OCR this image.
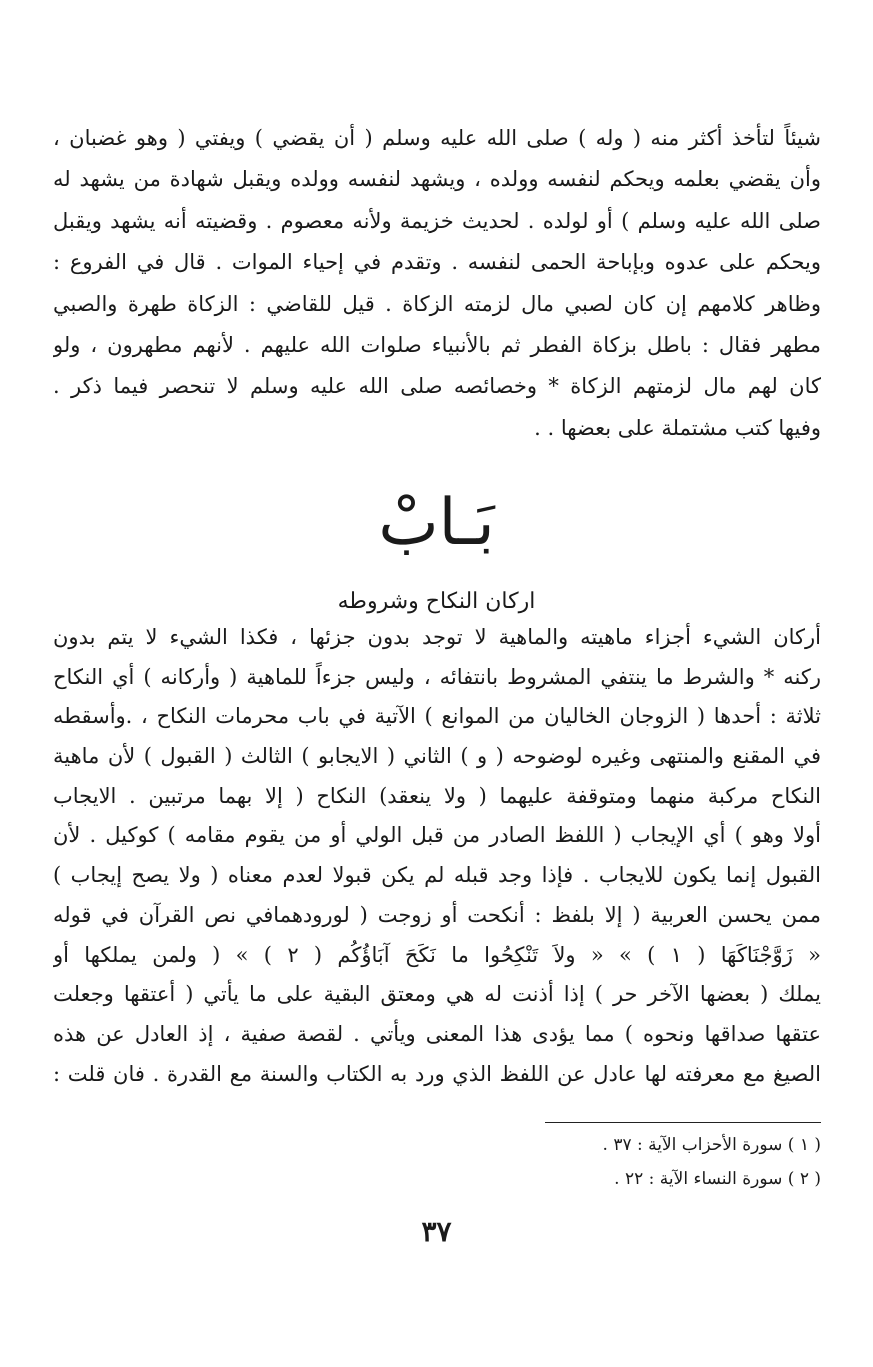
شيئاً لتأخذ أكثر منه ( وله ) صلى الله عليه وسلم ( أن يقضي ) ويفتي ( وهو غضبان ،
وأن يقضي بعلمه ويحكم لنفسه وولده ، ويشهد لنفسه وولده ويقبل شهادة من يشهد له
صلى الله عليه وسلم ) أو لولده . لحديث خزيمة ولأنه معصوم . وقضيته أنه يشهد ويقبل
ويحكم على عدوه وبإباحة الحمى لنفسه . وتقدم في إحياء الموات . قال في الفروع :
وظاهر كلامهم إن كان لصبي مال لزمته الزكاة . قيل للقاضي : الزكاة طهرة والصبي
مطهر فقال : باطل بزكاة الفطر ثم بالأنبياء صلوات الله عليهم . لأنهم مطهرون ، ولو
كان لهم مال لزمتهم الزكاة * وخصائصه صلى الله عليه وسلم لا تنحصر فيما ذكر .
وفيها كتب مشتملة على بعضها . .
بَـابْ
اركان النكاح وشروطه
أركان الشيء أجزاء ماهيته والماهية لا توجد بدون جزئها ، فكذا الشيء لا يتم بدون
ركنه * والشرط ما ينتفي المشروط بانتفائه ، وليس جزءاً للماهية ( وأركانه ) أي النكاح
ثلاثة : أحدها ( الزوجان الخاليان من الموانع ) الآتية في باب محرمات النكاح ، .وأسقطه
في المقنع والمنتهى وغيره لوضوحه ( و ) الثاني ( الايجابو ) الثالث ( القبول ) لأن ماهية
النكاح مركبة منهما ومتوقفة عليهما ( ولا ينعقد) النكاح ( إلا بهما مرتبين . الايجاب
أولا وهو ) أي الإيجاب ( اللفظ الصادر من قبل الولي أو من يقوم مقامه ) كوكيل . لأن
القبول إنما يكون للايجاب . فإذا وجد قبله لم يكن قبولا لعدم معناه ( ولا يصح إيجاب )
ممن يحسن العربية ( إلا بلفظ : أنكحت أو زوجت ( لورودهمافي نص القرآن في قوله
« زَوَّجْنَاكَهَا ( ١ ) » « ولاَ تَنْكِحُوا ما نَكَحَ آبَاؤُكُم ( ٢ ) » ( ولمن يملكها أو
يملك ( بعضها الآخر حر ) إذا أذنت له هي ومعتق البقية على ما يأتي ( أعتقها وجعلت
عتقها صداقها ونحوه ) مما يؤدى هذا المعنى ويأتي . لقصة صفية ، إذ العادل عن هذه
الصيغ مع معرفته لها عادل عن اللفظ الذي ورد به الكتاب والسنة مع القدرة . فان قلت :
( ١ ) سورة الأحزاب الآية : ٣٧ .
( ٢ ) سورة النساء الآية : ٢٢ .
٣٧
